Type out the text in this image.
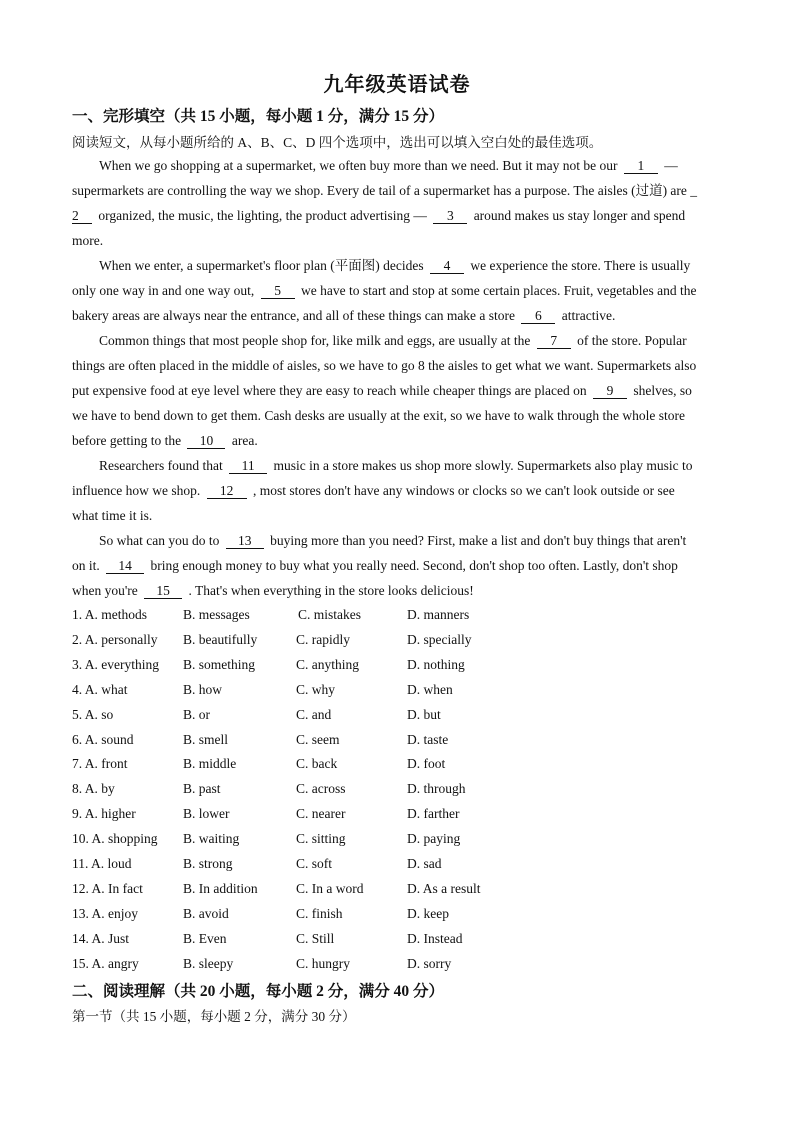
九年级英语试卷
一、完形填空（共 15 小题，每小题 1 分，满分 15 分）
阅读短文，从每小题所给的 A、B、C、D 四个选项中，选出可以填入空白处的最佳选项。
When we go shopping at a supermarket, we often buy more than we need. But it may not be our 1 —
supermarkets are controlling the way we shop. Every de tail of a supermarket has a purpose. The aisles (过道) are _
2 organized, the music, the lighting, the product advertising — 3 around makes us stay longer and spend
more.
When we enter, a supermarket's floor plan (平面图) decides 4 we experience the store. There is usually
only one way in and one way out, 5 we have to start and stop at some certain places. Fruit, vegetables and the
bakery areas are always near the entrance, and all of these things can make a store 6 attractive.
Common things that most people shop for, like milk and eggs, are usually at the 7 of the store. Popular
things are often placed in the middle of aisles, so we have to go 8 the aisles to get what we want. Supermarkets also
put expensive food at eye level where they are easy to reach while cheaper things are placed on 9 shelves, so
we have to bend down to get them. Cash desks are usually at the exit, so we have to walk through the whole store
before getting to the 10 area.
Researchers found that 11 music in a store makes us shop more slowly. Supermarkets also play music to
influence how we shop. 12 , most stores don't have any windows or clocks so we can't look outside or see
what time it is.
So what can you do to 13 buying more than you need? First, make a list and don't buy things that aren't
on it. 14 bring enough money to buy what you really need. Second, don't shop too often. Lastly, don't shop
when you're 15 . That's when everything in the store looks delicious!
1. A. methods	B. messages	C. mistakes	D. manners
2. A. personally B. beautifully	C. rapidly	D. specially
3. A. everything B. something	C. anything	D. nothing
4. A. what	B. how	C. why	D. when
5. A. so	B. or	C. and	D. but
6. A. sound	B. smell	C. seem	D. taste
7. A. front	B. middle	C. back	D. foot
8. A. by	B. past	C. across	D. through
9. A. higher	B. lower	C. nearer	D. farther
10. A. shopping B. waiting	C. sitting	D. paying
11. A. loud	B. strong	C. soft	D. sad
12. A. In fact	B. In addition	C. In a word	D. As a result
13. A. enjoy	B. avoid	C. finish	D. keep
14. A. Just	B. Even	C. Still	D. Instead
15. A. angry	B. sleepy	C. hungry	D. sorry
二、阅读理解（共 20 小题，每小题 2 分，满分 40 分）
第一节（共 15 小题，每小题 2 分，满分 30 分）
